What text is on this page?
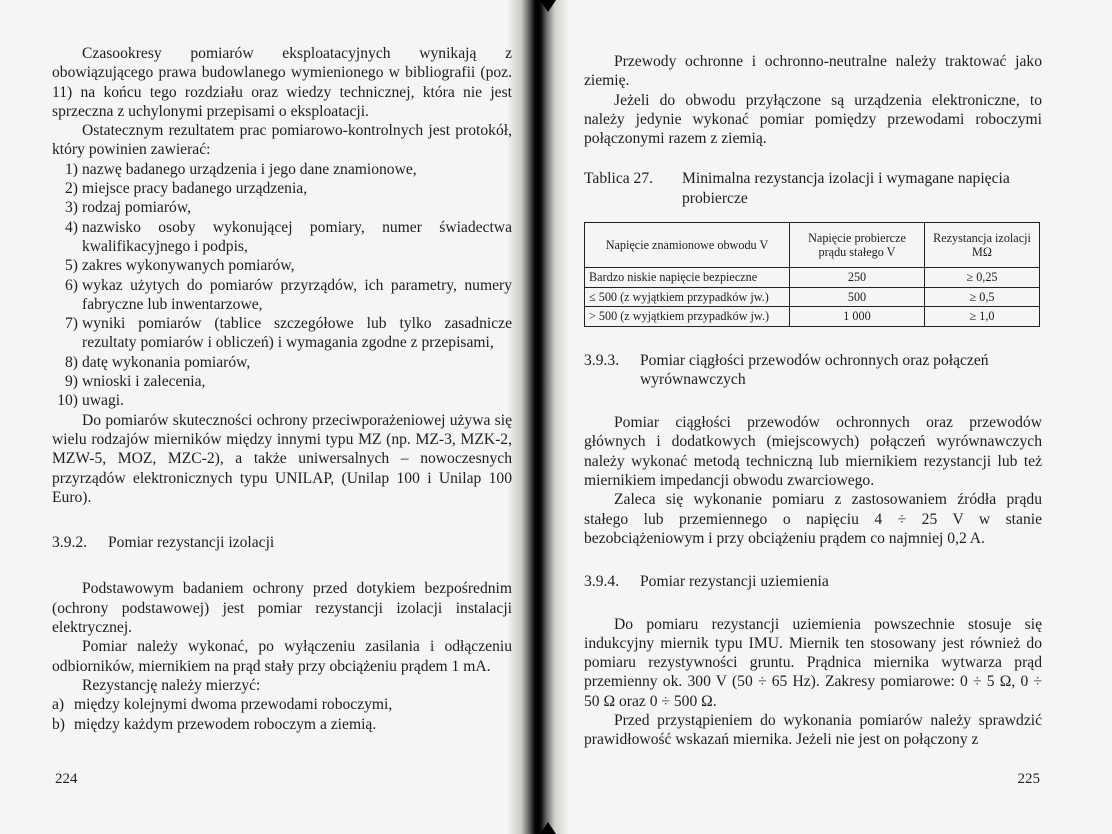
Czasookresy pomiarów eksploatacyjnych wynikają z obowiązującego prawa budowlanego wymienionego w bibliografii (poz. 11) na końcu tego rozdziału oraz wiedzy technicznej, która nie jest sprzeczna z uchylonymi przepisami o eksploatacji.

Ostatecznym rezultatem prac pomiarowo-kontrolnych jest protokół, który powinien zawierać:

1) nazwę badanego urządzenia i jego dane znamionowe,
2) miejsce pracy badanego urządzenia,
3) rodzaj pomiarów,
4) nazwisko osoby wykonującej pomiary, numer świadectwa kwalifikacyjnego i podpis,
5) zakres wykonywanych pomiarów,
6) wykaz użytych do pomiarów przyrządów, ich parametry, numery fabryczne lub inwentarzowe,
7) wyniki pomiarów (tablice szczegółowe lub tylko zasadnicze rezultaty pomiarów i obliczeń) i wymagania zgodne z przepisami,
8) datę wykonania pomiarów,
9) wnioski i zalecenia,
10) uwagi.

Do pomiarów skuteczności ochrony przeciwporażeniowej używa się wielu rodzajów mierników między innymi typu MZ (np. MZ-3, MZK-2, MZW-5, MOZ, MZC-2), a także uniwersalnych – nowoczesnych przyrządów elektronicznych typu UNILAP, (Unilap 100 i Unilap 100 Euro).

3.9.2.	Pomiar rezystancji izolacji

Podstawowym badaniem ochrony przed dotykiem bezpośrednim (ochrony podstawowej) jest pomiar rezystancji izolacji instalacji elektrycznej.

Pomiar należy wykonać, po wyłączeniu zasilania i odłączeniu odbiorników, miernikiem na prąd stały przy obciążeniu prądem 1 mA.

Rezystancję należy mierzyć:

a) między kolejnymi dwoma przewodami roboczymi,
b) między każdym przewodem roboczym a ziemią.
224

Przewody ochronne i ochronno-neutralne należy traktować jako ziemię.

Jeżeli do obwodu przyłączone są urządzenia elektroniczne, to należy jedynie wykonać pomiar pomiędzy przewodami roboczymi połączonymi razem z ziemią.

Tablica 27.	Minimalna rezystancja izolacji i wymagane napięcia probiercze
Napięcie znamionowe obwodu V	Napięcie probiercze prądu stałego V	Rezystancja izolacji MΩ
Bardzo niskie napięcie bezpieczne	250	≥ 0,25
≤ 500 (z wyjątkiem przypadków jw.)	500	≥ 0,5
> 500 (z wyjątkiem przypadków jw.)	1 000	≥ 1,0
3.9.3.	Pomiar ciągłości przewodów ochronnych oraz połączeń wyrównawczych

Pomiar ciągłości przewodów ochronnych oraz przewodów głównych i dodatkowych (miejscowych) połączeń wyrównawczych należy wykonać metodą techniczną lub miernikiem rezystancji lub też miernikiem impedancji obwodu zwarciowego.

Zaleca się wykonanie pomiaru z zastosowaniem źródła prądu stałego lub przemiennego o napięciu 4 ÷ 25 V w stanie bezobciążeniowym i przy obciążeniu prądem co najmniej 0,2 A.

3.9.4.	Pomiar rezystancji uziemienia

Do pomiaru rezystancji uziemienia powszechnie stosuje się indukcyjny miernik typu IMU. Miernik ten stosowany jest również do pomiaru rezystywności gruntu. Prądnica miernika wytwarza prąd przemienny ok. 300 V (50 ÷ 65 Hz). Zakresy pomiarowe: 0 ÷ 5 Ω, 0 ÷ 50 Ω oraz 0 ÷ 500 Ω.

Przed przystąpieniem do wykonania pomiarów należy sprawdzić prawidłowość wskazań miernika. Jeżeli nie jest on połączony z

225
